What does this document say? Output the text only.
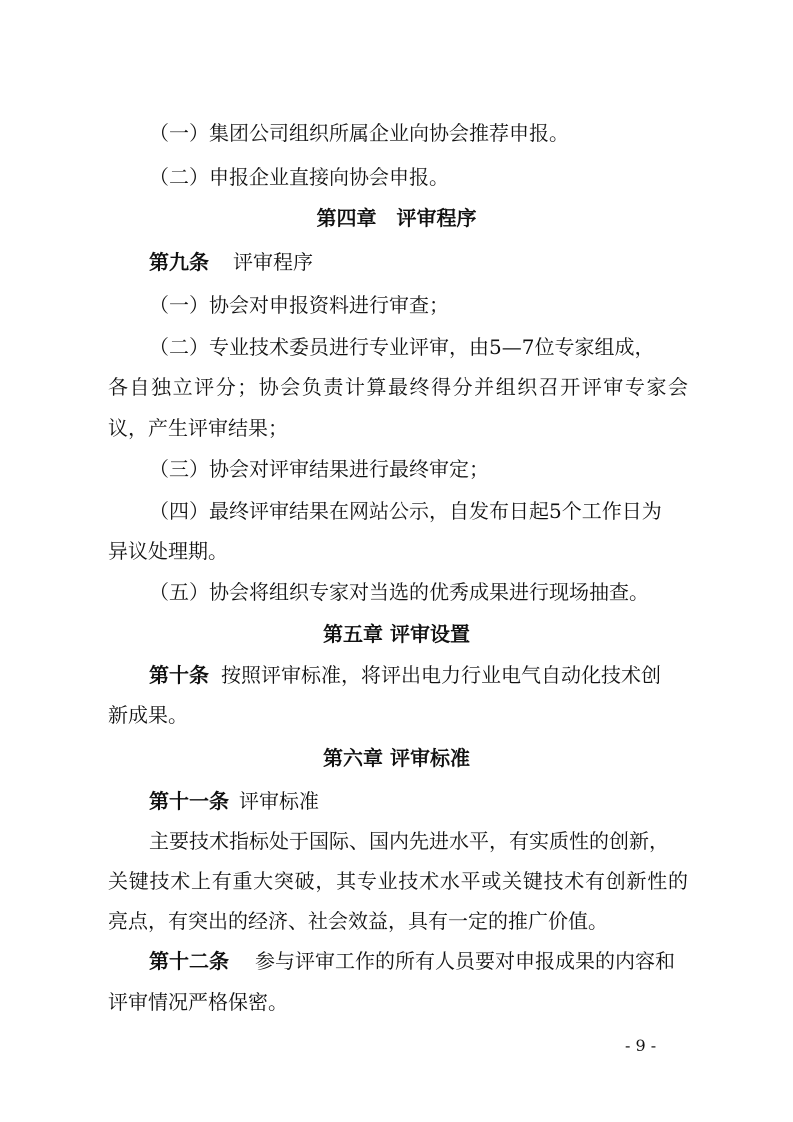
（一）集团公司组织所属企业向协会推荐申报。
（二）申报企业直接向协会申报。
第四章　评审程序
第九条 评审程序
（一）协会对申报资料进行审查；
（二）专业技术委员进行专业评审，由5—7位专家组成，
各自独立评分；协会负责计算最终得分并组织召开评审专家会
议，产生评审结果；
（三）协会对评审结果进行最终审定；
（四）最终评审结果在网站公示，自发布日起5个工作日为
异议处理期。
（五）协会将组织专家对当选的优秀成果进行现场抽查。
第五章 评审设置
第十条 按照评审标准，将评出电力行业电气自动化技术创
新成果。
第六章 评审标准
第十一条 评审标准
主要技术指标处于国际、国内先进水平，有实质性的创新，
关键技术上有重大突破，其专业技术水平或关键技术有创新性的
亮点，有突出的经济、社会效益，具有一定的推广价值。
第十二条 参与评审工作的所有人员要对申报成果的内容和
评审情况严格保密。
- 9 -
